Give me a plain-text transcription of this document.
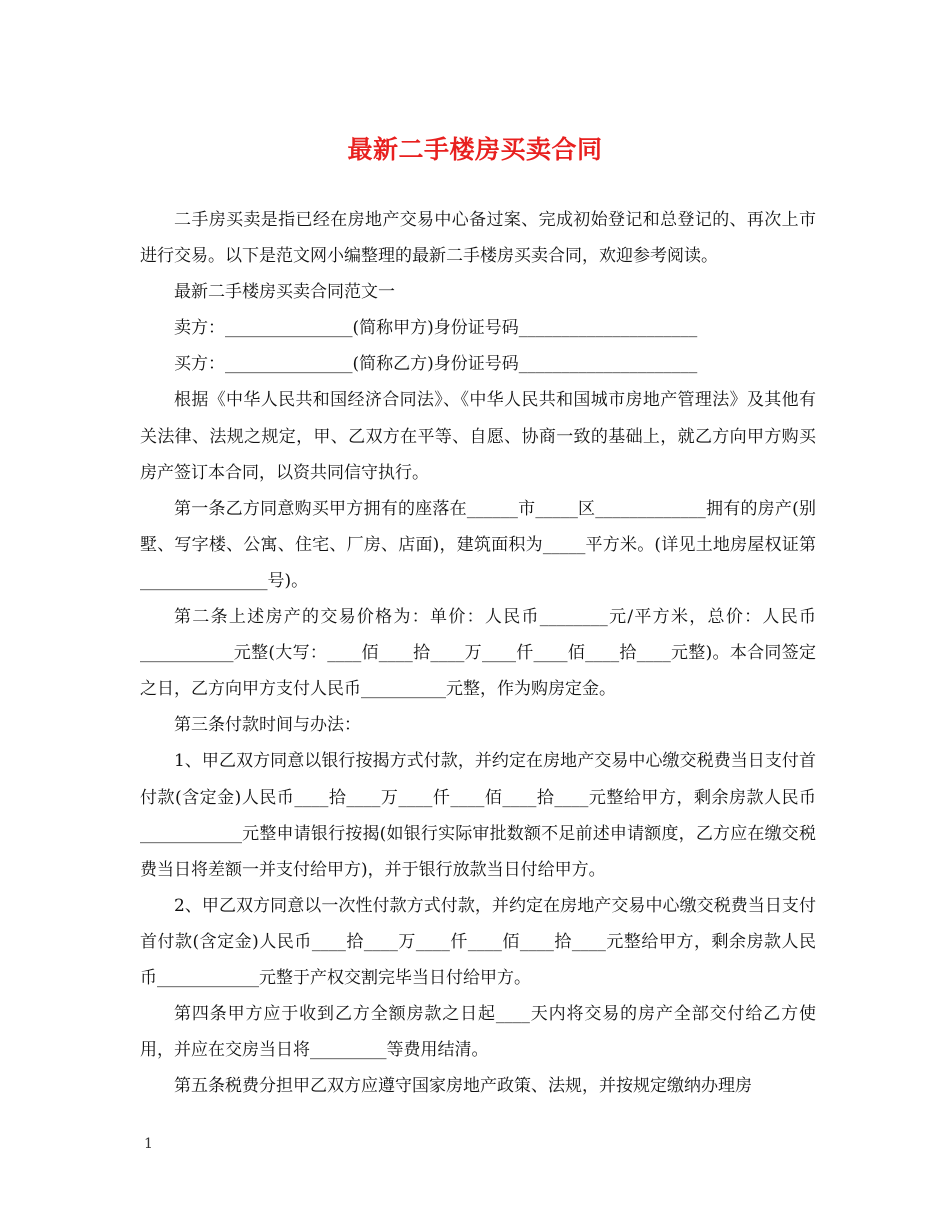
最新二手楼房买卖合同

二手房买卖是指已经在房地产交易中心备过案、完成初始登记和总登记的、再次上市进行交易。以下是范文网小编整理的最新二手楼房买卖合同，欢迎参考阅读。

最新二手楼房买卖合同范文一

卖方：_______________(简称甲方)身份证号码_____________________

买方：_______________(简称乙方)身份证号码_____________________

根据《中华人民共和国经济合同法》、《中华人民共和国城市房地产管理法》及其他有关法律、法规之规定，甲、乙双方在平等、自愿、协商一致的基础上，就乙方向甲方购买房产签订本合同，以资共同信守执行。

第一条乙方同意购买甲方拥有的座落在______市_____区_____________拥有的房产(别墅、写字楼、公寓、住宅、厂房、店面)，建筑面积为_____平方米。(详见土地房屋权证第_______________号)。

第二条上述房产的交易价格为：单价：人民币________元/平方米，总价：人民币___________元整(大写：____佰____拾____万____仟____佰____拾____元整)。本合同签定之日，乙方向甲方支付人民币__________元整，作为购房定金。

第三条付款时间与办法：

1、甲乙双方同意以银行按揭方式付款，并约定在房地产交易中心缴交税费当日支付首付款(含定金)人民币____拾____万____仟____佰____拾____元整给甲方，剩余房款人民币____________元整申请银行按揭(如银行实际审批数额不足前述申请额度，乙方应在缴交税费当日将差额一并支付给甲方)，并于银行放款当日付给甲方。

2、甲乙双方同意以一次性付款方式付款，并约定在房地产交易中心缴交税费当日支付首付款(含定金)人民币____拾____万____仟____佰____拾____元整给甲方，剩余房款人民币____________元整于产权交割完毕当日付给甲方。

第四条甲方应于收到乙方全额房款之日起____天内将交易的房产全部交付给乙方使用，并应在交房当日将_________等费用结清。

第五条税费分担甲乙双方应遵守国家房地产政策、法规，并按规定缴纳办理房

1
